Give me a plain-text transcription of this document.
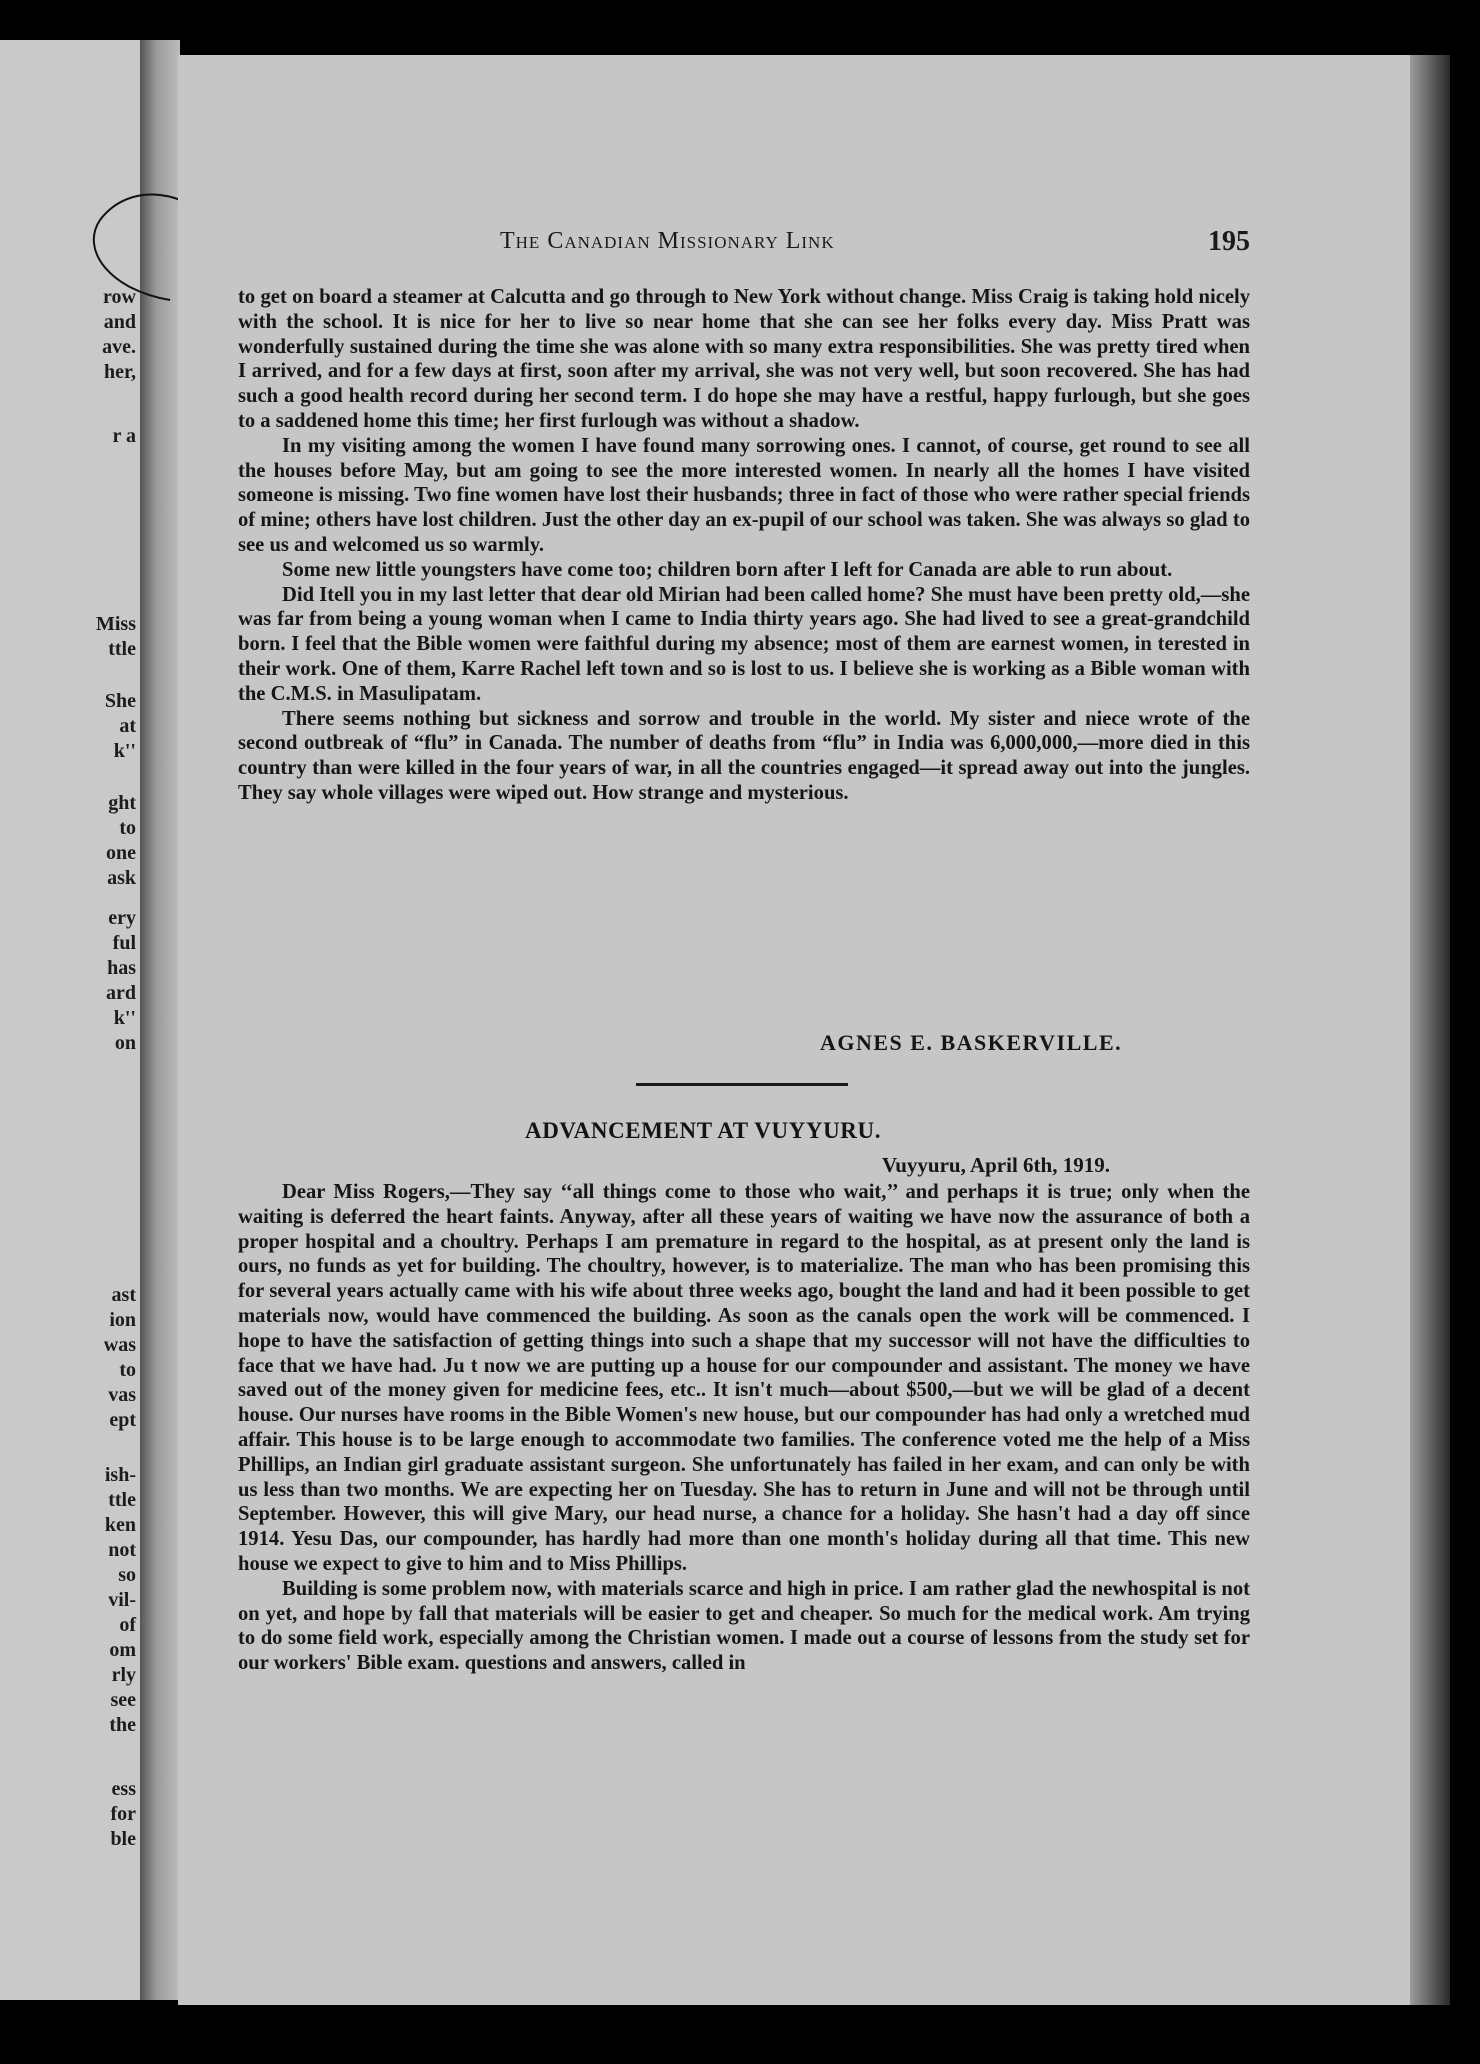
row
and
ave.
her,
r a
Miss
ttle
She
at
k''
ght
to
one
ask
ery
ful
has
ard
k''
on
ast
ion
was
to
vas
ept
ish-
ttle
ken
not
so
vil-
of
om
rly
see
the
ess
for
ble
The Canadian Missionary Link	195

to get on board a steamer at Calcutta and go through to New York without change. Miss Craig is taking hold nicely with the school. It is nice for her to live so near home that she can see her folks every day. Miss Pratt was wonderfully sustained during the time she was alone with so many extra responsibilities. She was pretty tired when I arrived, and for a few days at first, soon after my arrival, she was not very well, but soon recovered. She has had such a good health record during her second term. I do hope she may have a restful, happy furlough, but she goes to a saddened home this time; her first furlough was without a shadow.

In my visiting among the women I have found many sorrowing ones. I cannot, of course, get round to see all the houses before May, but am going to see the more interested women. In nearly all the homes I have visited someone is missing. Two fine women have lost their husbands; three in fact of those who were rather special friends of mine; others have lost children. Just the other day an ex-pupil of our school was taken. She was always so glad to see us and welcomed us so warmly.

Some new little youngsters have come too; children born after I left for Canada are able to run about.

Did Itell you in my last letter that dear old Mirian had been called home? She must have been pretty old,—she was far from being a young woman when I came to India thirty years ago. She had lived to see a great-grandchild born. I feel that the Bible women were faithful during my absence; most of them are earnest women, in terested in their work. One of them, Karre Rachel left town and so is lost to us. I believe she is working as a Bible woman with the C.M.S. in Masulipatam.

There seems nothing but sickness and sorrow and trouble in the world. My sister and niece wrote of the second outbreak of “flu” in Canada. The number of deaths from “flu” in India was 6,000,000,—more died in this country than were killed in the four years of war, in all the countries engaged—it spread away out into the jungles. They say whole villages were wiped out. How strange and mysterious.

AGNES E. BASKERVILLE.
ADVANCEMENT AT VUYYURU.
Vuyyuru, April 6th, 1919.

Dear Miss Rogers,—They say ‘‘all things come to those who wait,’’ and perhaps it is true; only when the waiting is deferred the heart faints. Anyway, after all these years of waiting we have now the assurance of both a proper hospital and a choultry. Perhaps I am premature in regard to the hospital, as at present only the land is ours, no funds as yet for building. The choultry, however, is to materialize. The man who has been promising this for several years actually came with his wife about three weeks ago, bought the land and had it been possible to get materials now, would have commenced the building. As soon as the canals open the work will be commenced. I hope to have the satisfaction of getting things into such a shape that my successor will not have the difficulties to face that we have had. Ju t now we are putting up a house for our compounder and assistant. The money we have saved out of the money given for medicine fees, etc.. It isn't much—about $500,—but we will be glad of a decent house. Our nurses have rooms in the Bible Women's new house, but our compounder has had only a wretched mud affair. This house is to be large enough to accommodate two families. The conference voted me the help of a Miss Phillips, an Indian girl graduate assistant surgeon. She unfortunately has failed in her exam, and can only be with us less than two months. We are expecting her on Tuesday. She has to return in June and will not be through until September. However, this will give Mary, our head nurse, a chance for a holiday. She hasn't had a day off since 1914. Yesu Das, our compounder, has hardly had more than one month's holiday during all that time. This new house we expect to give to him and to Miss Phillips.

Building is some problem now, with materials scarce and high in price. I am rather glad the newhospital is not on yet, and hope by fall that materials will be easier to get and cheaper. So much for the medical work. Am trying to do some field work, especially among the Christian women. I made out a course of lessons from the study set for our workers' Bible exam. questions and answers, called in
